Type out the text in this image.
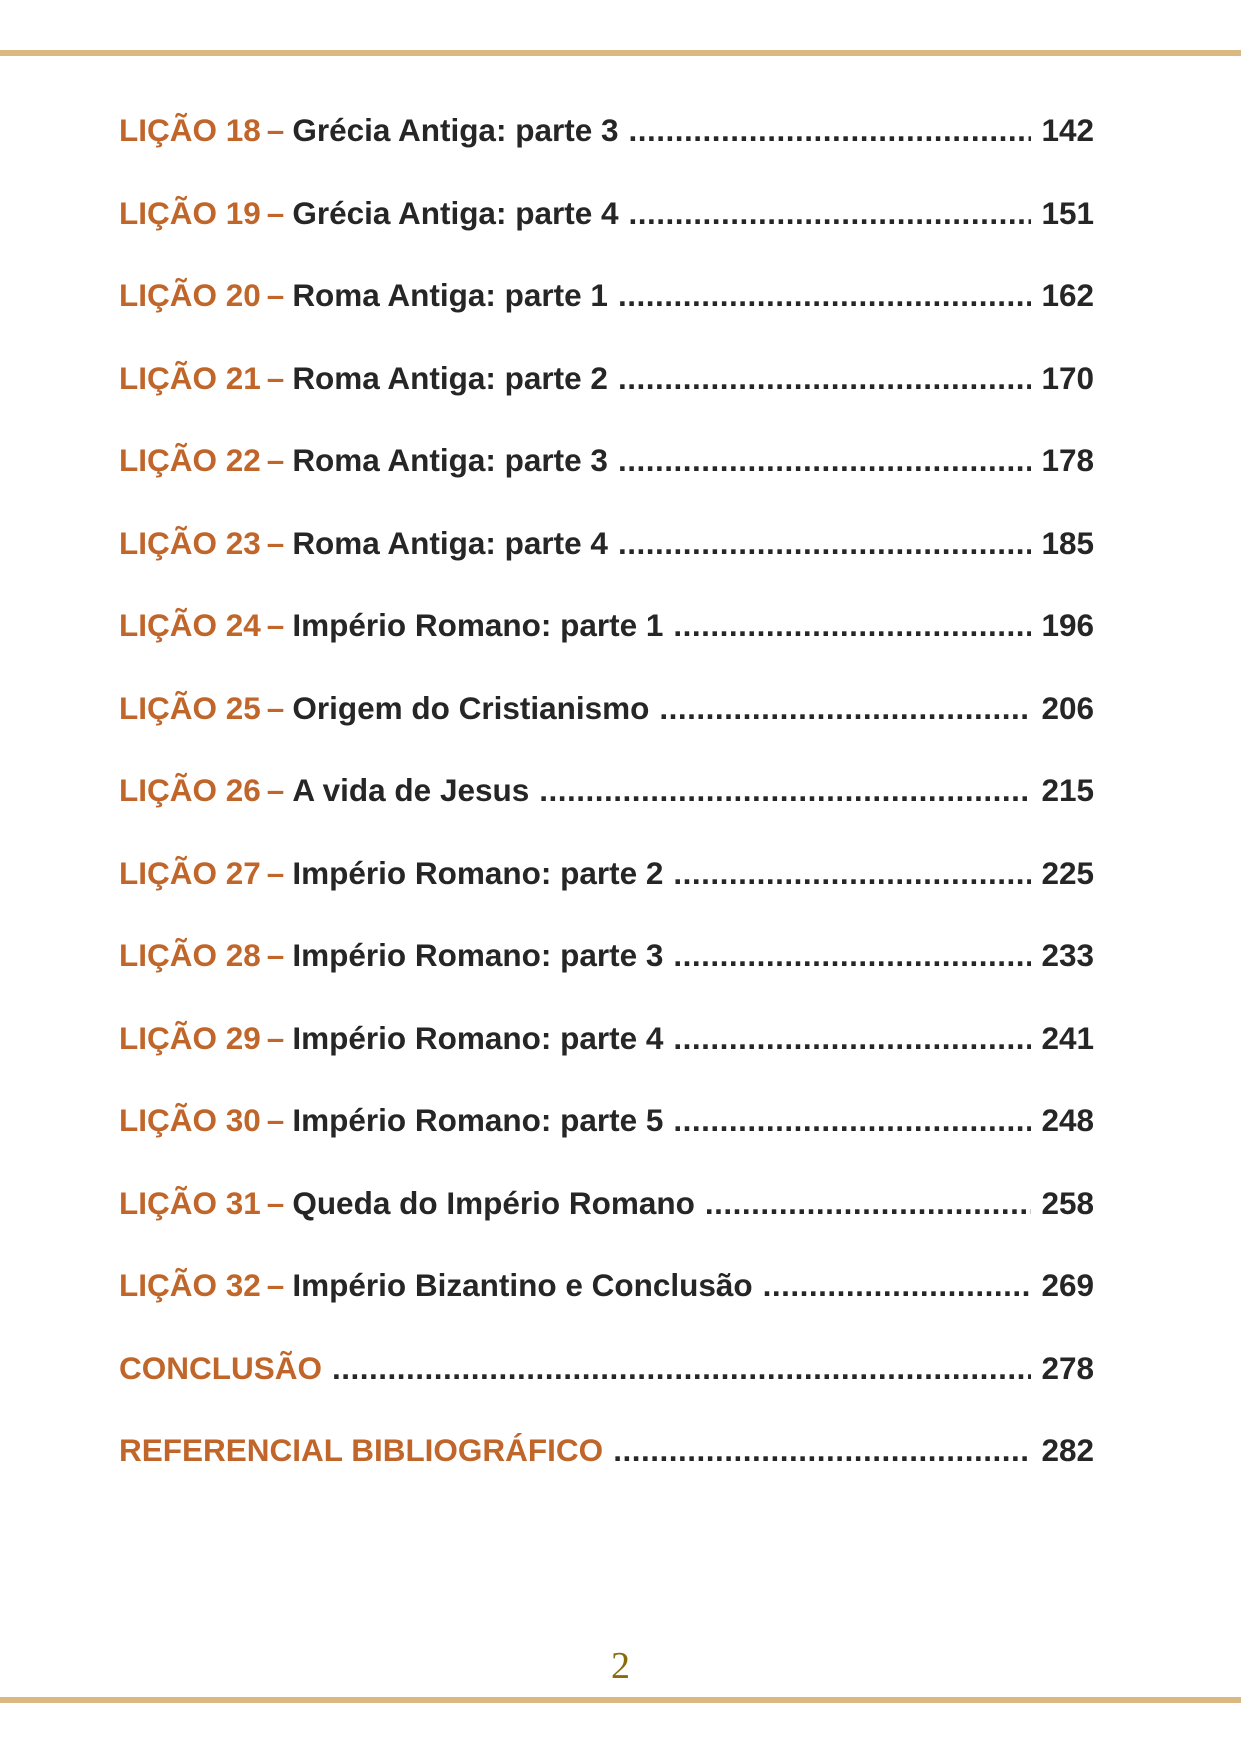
LIÇÃO 18 – Grécia Antiga: parte 3 .....	142
LIÇÃO 19 – Grécia Antiga: parte 4 .....	151
LIÇÃO 20 – Roma Antiga: parte 1 .....	162
LIÇÃO 21 – Roma Antiga: parte 2 .....	170
LIÇÃO 22 – Roma Antiga: parte 3 .....	178
LIÇÃO 23 – Roma Antiga: parte 4 .....	185
LIÇÃO 24 – Império Romano: parte 1 .....	196
LIÇÃO 25 – Origem do Cristianismo .....	206
LIÇÃO 26 – A vida de Jesus .....	215
LIÇÃO 27 – Império Romano: parte 2 .....	225
LIÇÃO 28 – Império Romano: parte 3 .....	233
LIÇÃO 29 – Império Romano: parte 4 .....	241
LIÇÃO 30 – Império Romano: parte 5 .....	248
LIÇÃO 31 – Queda do Império Romano .....	258
LIÇÃO 32 – Império Bizantino e Conclusão .....	269
CONCLUSÃO .....	278
REFERENCIAL BIBLIOGRÁFICO .....	282
2
